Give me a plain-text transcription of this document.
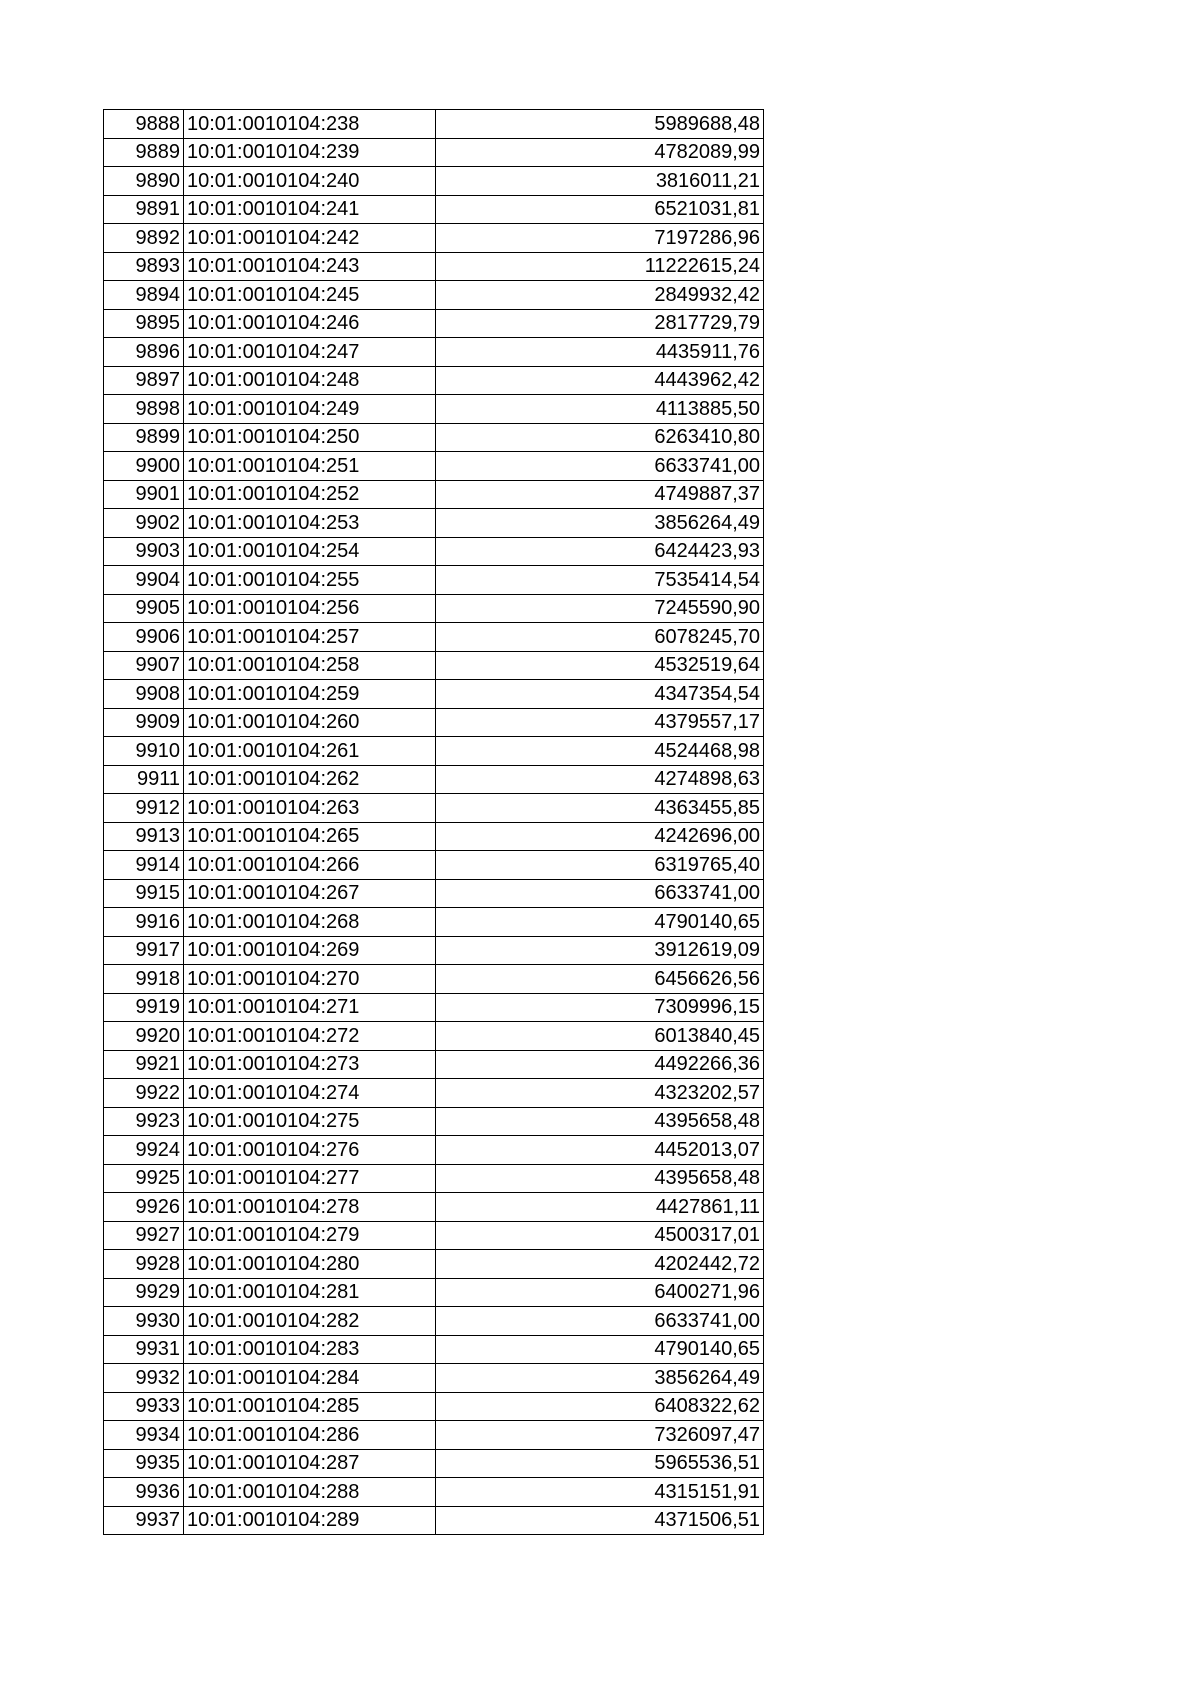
9888	10:01:0010104:238	5989688,48
9889	10:01:0010104:239	4782089,99
9890	10:01:0010104:240	3816011,21
9891	10:01:0010104:241	6521031,81
9892	10:01:0010104:242	7197286,96
9893	10:01:0010104:243	11222615,24
9894	10:01:0010104:245	2849932,42
9895	10:01:0010104:246	2817729,79
9896	10:01:0010104:247	4435911,76
9897	10:01:0010104:248	4443962,42
9898	10:01:0010104:249	4113885,50
9899	10:01:0010104:250	6263410,80
9900	10:01:0010104:251	6633741,00
9901	10:01:0010104:252	4749887,37
9902	10:01:0010104:253	3856264,49
9903	10:01:0010104:254	6424423,93
9904	10:01:0010104:255	7535414,54
9905	10:01:0010104:256	7245590,90
9906	10:01:0010104:257	6078245,70
9907	10:01:0010104:258	4532519,64
9908	10:01:0010104:259	4347354,54
9909	10:01:0010104:260	4379557,17
9910	10:01:0010104:261	4524468,98
9911	10:01:0010104:262	4274898,63
9912	10:01:0010104:263	4363455,85
9913	10:01:0010104:265	4242696,00
9914	10:01:0010104:266	6319765,40
9915	10:01:0010104:267	6633741,00
9916	10:01:0010104:268	4790140,65
9917	10:01:0010104:269	3912619,09
9918	10:01:0010104:270	6456626,56
9919	10:01:0010104:271	7309996,15
9920	10:01:0010104:272	6013840,45
9921	10:01:0010104:273	4492266,36
9922	10:01:0010104:274	4323202,57
9923	10:01:0010104:275	4395658,48
9924	10:01:0010104:276	4452013,07
9925	10:01:0010104:277	4395658,48
9926	10:01:0010104:278	4427861,11
9927	10:01:0010104:279	4500317,01
9928	10:01:0010104:280	4202442,72
9929	10:01:0010104:281	6400271,96
9930	10:01:0010104:282	6633741,00
9931	10:01:0010104:283	4790140,65
9932	10:01:0010104:284	3856264,49
9933	10:01:0010104:285	6408322,62
9934	10:01:0010104:286	7326097,47
9935	10:01:0010104:287	5965536,51
9936	10:01:0010104:288	4315151,91
9937	10:01:0010104:289	4371506,51
